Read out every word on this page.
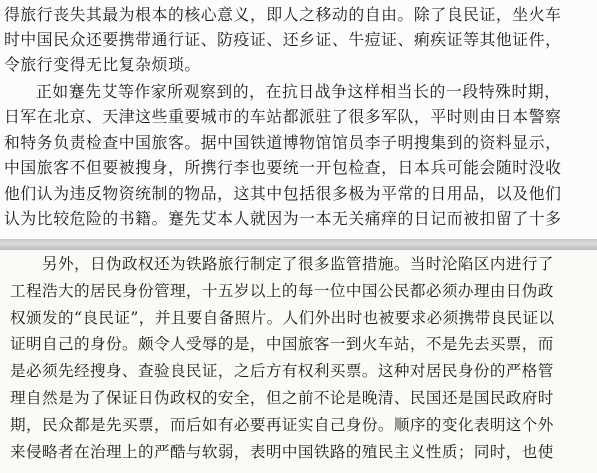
得旅行丧失其最为根本的核心意义，即人之移动的自由。除了良民证，坐火车
时中国民众还要携带通行证、防疫证、还乡证、牛痘证、痢疾证等其他证件，
令旅行变得无比复杂烦琐。
正如蹇先艾等作家所观察到的，在抗日战争这样相当长的一段特殊时期，
日军在北京、天津这些重要城市的车站都派驻了很多军队，平时则由日本警察
和特务负责检查中国旅客。据中国铁道博物馆馆员李子明搜集到的资料显示，
中国旅客不但要被搜身，所携行李也要统一开包检查，日本兵可能会随时没收
他们认为违反物资统制的物品，这其中包括很多极为平常的日用品，以及他们
认为比较危险的书籍。蹇先艾本人就因为一本无关痛痒的日记而被扣留了十多
另外，日伪政权还为铁路旅行制定了很多监管措施。当时沦陷区内进行了
工程浩大的居民身份管理，十五岁以上的每一位中国公民都必须办理由日伪政
权颁发的“良民证”，并且要自备照片。人们外出时也被要求必须携带良民证以
证明自己的身份。颇令人受辱的是，中国旅客一到火车站，不是先去买票，而
是必须先经搜身、查验良民证，之后方有权利买票。这种对居民身份的严格管
理自然是为了保证日伪政权的安全，但之前不论是晚清、民国还是国民政府时
期，民众都是先买票，而后如有必要再证实自己身份。顺序的变化表明这个外
来侵略者在治理上的严酷与软弱，表明中国铁路的殖民主义性质；同时，也使
